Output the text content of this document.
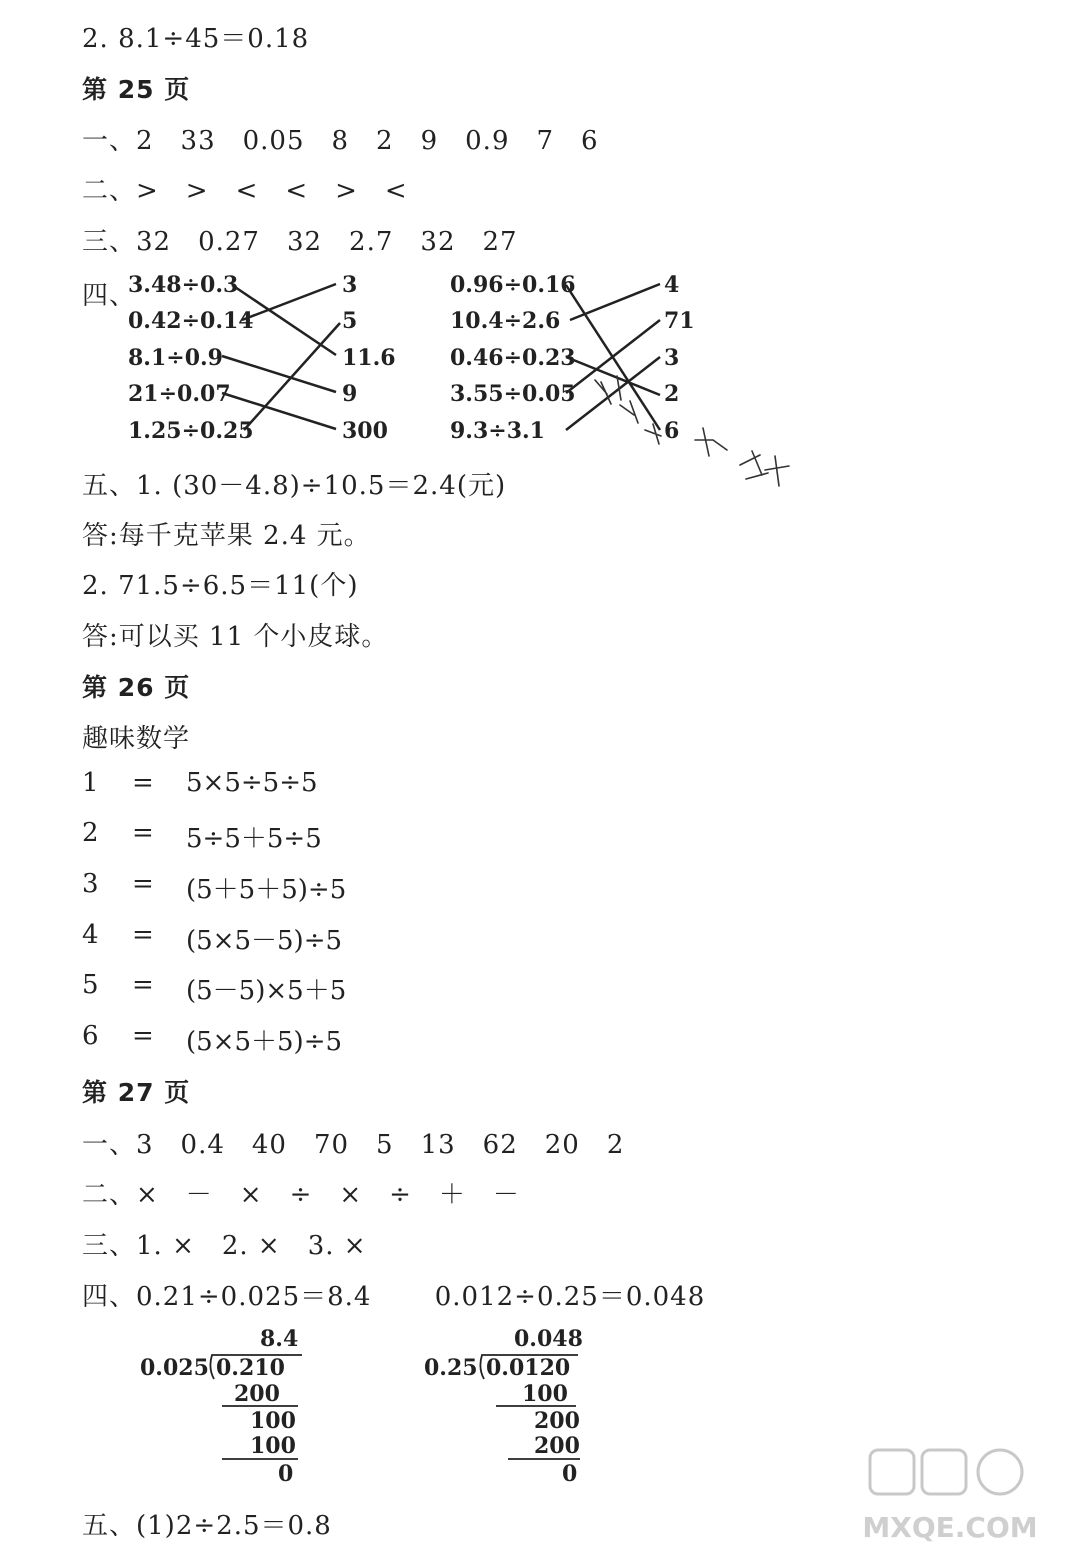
2. 8.1÷45＝0.18
第 25 页
一、2　33　0.05　8　2　9　0.9　7　6
二、>　>　<　<　>　<
三、32　0.27　32　2.7　32　27
四、
3.48÷0.3
0.42÷0.14
8.1÷0.9
21÷0.07
1.25÷0.25
3
5
11.6
9
300
0.96÷0.16
10.4÷2.6
0.46÷0.23
3.55÷0.05
9.3÷3.1
4
71
3
2
6
五、1. (30－4.8)÷10.5＝2.4(元)
答:每千克苹果 2.4 元。
2. 71.5÷6.5＝11(个)
答:可以买 11 个小皮球。
第 26 页
趣味数学
1 = 5×5÷5÷5
2 = 5÷5＋5÷5
3 = (5＋5＋5)÷5
4 = (5×5－5)÷5
5 = (5－5)×5＋5
6 = (5×5＋5)÷5
第 27 页
一、3　0.4　40　70　5　13　62　20　2
二、×　－　×　÷　×　÷　＋　－
三、1. ×　2. ×　3. ×
四、0.21÷0.025＝8.4　　 0.012÷0.25＝0.048
8.4
0.025 0.210
200
100
100
0
0.048
0.25 0.0120
100
200
200
0
五、(1)2÷2.5＝0.8	MXQE.COM
